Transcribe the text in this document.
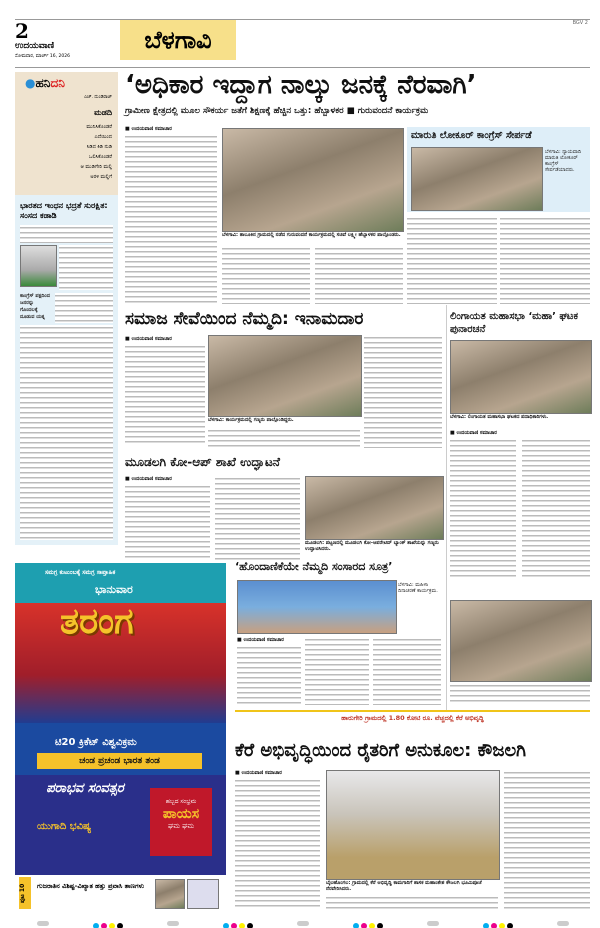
2
ಉದಯವಾಣಿ
ಸೋಮವಾರ, ಮಾರ್ಚ್ 16, 2026
ಬೆಳಗಾವಿ
BGV 2
●ಹನಿದನಿ
ಎಚ್. ದುಂಡಿರಾಜ್
ಮಡದಿ
ಮುನಿಸಿಕೊಂಡರೆ
ಎದೆಯಿಂದ
ಸಿಡಿದ ಕಿಡಿ ನುಡಿ
ಒಲಿಸಿಕೊಂಡರೆ
ಆ ಮುಡಿಗೇರಿ ಮಲ್ಲಿ
ಅರಳಿ ಮಲ್ಲಿಗೆ
ಭಾರತದ ಇಂಧನ ಭದ್ರತೆ ಸುರಕ್ಷಿತ: ಸಂಸದ ಕಡಾಡಿ
ಕಾಂಗ್ರೆಸ್ ಪಕ್ಷದಿಂದ ಜನರನ್ನು ಗೊಂದಲಕ್ಕೆ ದೂಡುವ ಯತ್ನ
‘ಅಧಿಕಾರ ಇದ್ದಾಗ ನಾಲ್ಕು ಜನಕ್ಕೆ ನೆರವಾಗಿ’
ಗ್ರಾಮೀಣ ಕ್ಷೇತ್ರದಲ್ಲಿ ಮೂಲ ಸೌಕರ್ಯ ಜತೆಗೆ ಶಿಕ್ಷಣಕ್ಕೆ ಹೆಚ್ಚಿನ ಒತ್ತು: ಹೆಬ್ಬಾಳಕರ ■ ಗುರುವಂದನೆ ಕಾರ್ಯಕ್ರಮ
■ ಉದಯವಾಣಿ ಸಮಾಚಾರ
ಬೆಳಗಾವಿ: ತಾಲೂಕಿನ ಗ್ರಾಮದಲ್ಲಿ ನಡೆದ ಗುರುವಂದನೆ ಕಾರ್ಯಕ್ರಮದಲ್ಲಿ ಸಚಿವೆ ಲಕ್ಷ್ಮೀ ಹೆಬ್ಬಾಳಕರ ಪಾಲ್ಗೊಂಡರು.
ಮಾರುತಿ ಲೋಕೂರ್ ಕಾಂಗ್ರೆಸ್ ಸೇರ್ಪಡೆ
ಬೆಳಗಾವಿ: ನ್ಯಾಯವಾದಿ ಮಾರುತಿ ಲೋಕೂರ್ ಕಾಂಗ್ರೆಸ್ ಸೇರ್ಪಡೆಯಾದರು.
ಸಮಾಜ ಸೇವೆಯಿಂದ ನೆಮ್ಮದಿ: ಇನಾಮದಾರ
■ ಉದಯವಾಣಿ ಸಮಾಚಾರ
ಬೆಳಗಾವಿ: ಕಾರ್ಯಕ್ರಮದಲ್ಲಿ ಗಣ್ಯರು ಪಾಲ್ಗೊಂಡಿದ್ದರು.
ಲಿಂಗಾಯತ ಮಹಾಸಭಾ ‘ಮಹಾ’ ಘಟಕ ಪುನಾರಚನೆ
ಬೆಳಗಾವಿ: ಲಿಂಗಾಯತ ಮಹಾಸಭಾ ಘಟಕದ ಪದಾಧಿಕಾರಿಗಳು.
■ ಉದಯವಾಣಿ ಸಮಾಚಾರ
ಮೂಡಲಗಿ ಕೋ-ಆಪ್ ಶಾಖೆ ಉದ್ಘಾಟನೆ
■ ಉದಯವಾಣಿ ಸಮಾಚಾರ
ಮೂಡಲಗಿ: ಪಟ್ಟಣದಲ್ಲಿ ಮೂಡಲಗಿ ಕೋ-ಆಪರೇಟಿವ್ ಬ್ಯಾಂಕ್ ಶಾಖೆಯನ್ನು ಗಣ್ಯರು ಉದ್ಘಾಟಿಸಿದರು.
ಸಮಗ್ರ ಕುಟುಂಬಕ್ಕೆ ಸಮಗ್ರ ಸಾಪ್ತಾಹಿಕ
ಭಾನುವಾರ
ತರಂಗ
ಟಿ20 ಕ್ರಿಕೆಟ್ ವಿಶ್ವವಿಕ್ರಮ
ಚಂಡ ಪ್ರಚಂಡ ಭಾರತ ತಂಡ
ಪರಾಭವ ಸಂವತ್ಸರ
ಯುಗಾದಿ ಭವಿಷ್ಯ
ಹಬ್ಬದ ಸಂಭ್ರಮ
ಪಾಯಸ
ಘಮ ಘಮ
ಪುಟ 10	ಗುಜರಾತಿನ ವಿಶಿಷ್ಟ-ವಿಖ್ಯಾತ ಹತ್ತು ಪ್ರವಾಸಿ ತಾಣಗಳು
‘ಹೊಂದಾಣಿಕೆಯೇ ನೆಮ್ಮದಿ ಸಂಸಾರದ ಸೂತ್ರ’
ಬೆಳಗಾವಿ: ಮಹಿಳಾ ದಿನಾಚರಣೆ ಕಾರ್ಯಕ್ರಮ.
■ ಉದಯವಾಣಿ ಸಮಾಚಾರ
ಹಾರುಗೇರಿ ಗ್ರಾಮದಲ್ಲಿ 1.80 ಕೋಟಿ ರೂ. ವೆಚ್ಚದಲ್ಲಿ ಕೆರೆ ಅಭಿವೃದ್ಧಿ
ಕೆರೆ ಅಭಿವೃದ್ಧಿಯಿಂದ ರೈತರಿಗೆ ಅನುಕೂಲ: ಕೌಜಲಗಿ
■ ಉದಯವಾಣಿ ಸಮಾಚಾರ
ಬೈಲಹೊಂಗಲ: ಗ್ರಾಮದಲ್ಲಿ ಕೆರೆ ಅಭಿವೃದ್ಧಿ ಕಾಮಗಾರಿಗೆ ಶಾಸಕ ಮಹಾಂತೇಶ ಕೌಜಲಗಿ ಭೂಮಿಪೂಜೆ ನೆರವೇರಿಸಿದರು.
